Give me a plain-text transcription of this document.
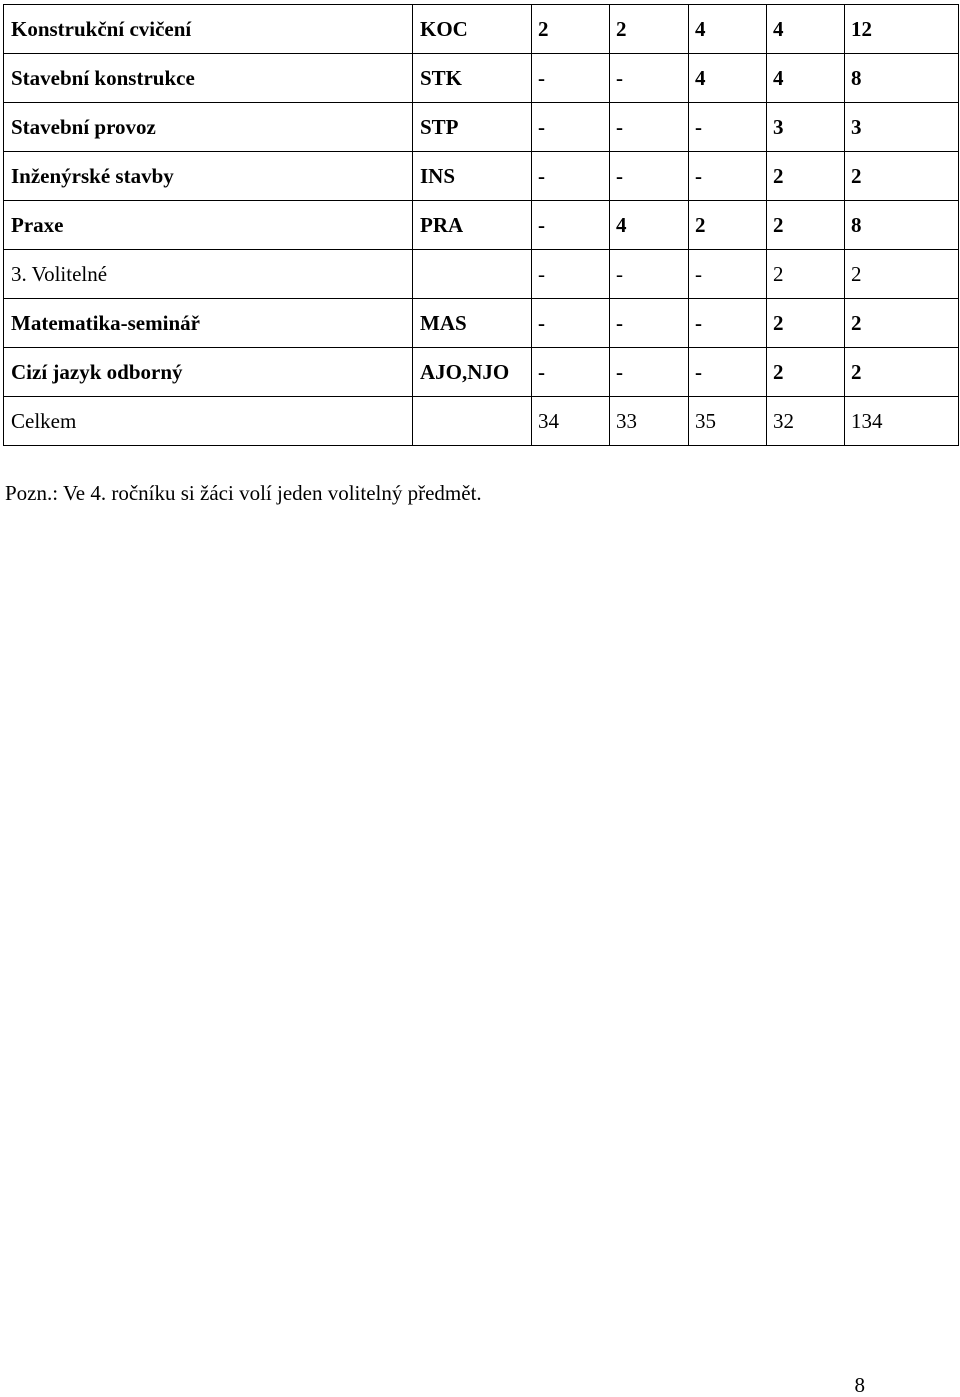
Konstrukční cvičení	KOC	2	2	4	4	12
Stavební konstrukce	STK	-	-	4	4	8
Stavební provoz	STP	-	-	-	3	3
Inženýrské stavby	INS	-	-	-	2	2
Praxe	PRA	-	4	2	2	8
3. Volitelné		-	-	-	2	2
Matematika-seminář	MAS	-	-	-	2	2
Cizí jazyk odborný	AJO,NJO	-	-	-	2	2
Celkem		34	33	35	32	134
Pozn.: Ve 4. ročníku si žáci volí jeden volitelný předmět.
8
